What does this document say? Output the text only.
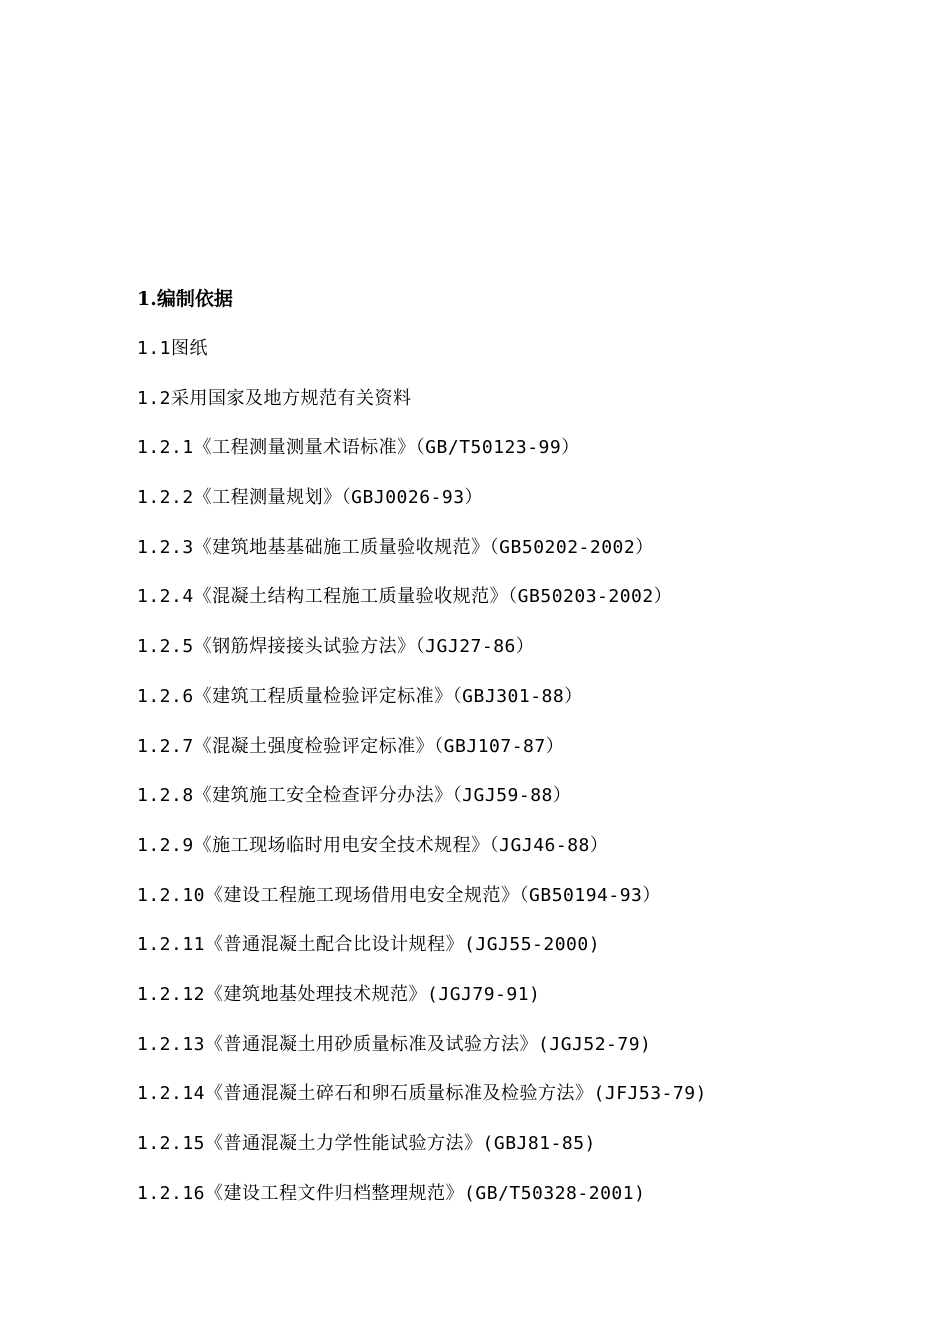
1.编制依据
1.1图纸
1.2采用国家及地方规范有关资料
1.2.1《工程测量测量术语标准》（GB/T50123-99）
1.2.2《工程测量规划》（GBJ0026-93）
1.2.3《建筑地基基础施工质量验收规范》（GB50202-2002）
1.2.4《混凝土结构工程施工质量验收规范》（GB50203-2002）
1.2.5《钢筋焊接接头试验方法》（JGJ27-86）
1.2.6《建筑工程质量检验评定标准》（GBJ301-88）
1.2.7《混凝土强度检验评定标准》（GBJ107-87）
1.2.8《建筑施工安全检查评分办法》（JGJ59-88）
1.2.9《施工现场临时用电安全技术规程》（JGJ46-88）
1.2.10《建设工程施工现场借用电安全规范》（GB50194-93）
1.2.11《普通混凝土配合比设计规程》(JGJ55-2000)
1.2.12《建筑地基处理技术规范》(JGJ79-91)
1.2.13《普通混凝土用砂质量标准及试验方法》(JGJ52-79)
1.2.14《普通混凝土碎石和卵石质量标准及检验方法》(JFJ53-79)
1.2.15《普通混凝土力学性能试验方法》(GBJ81-85)
1.2.16《建设工程文件归档整理规范》(GB/T50328-2001)
